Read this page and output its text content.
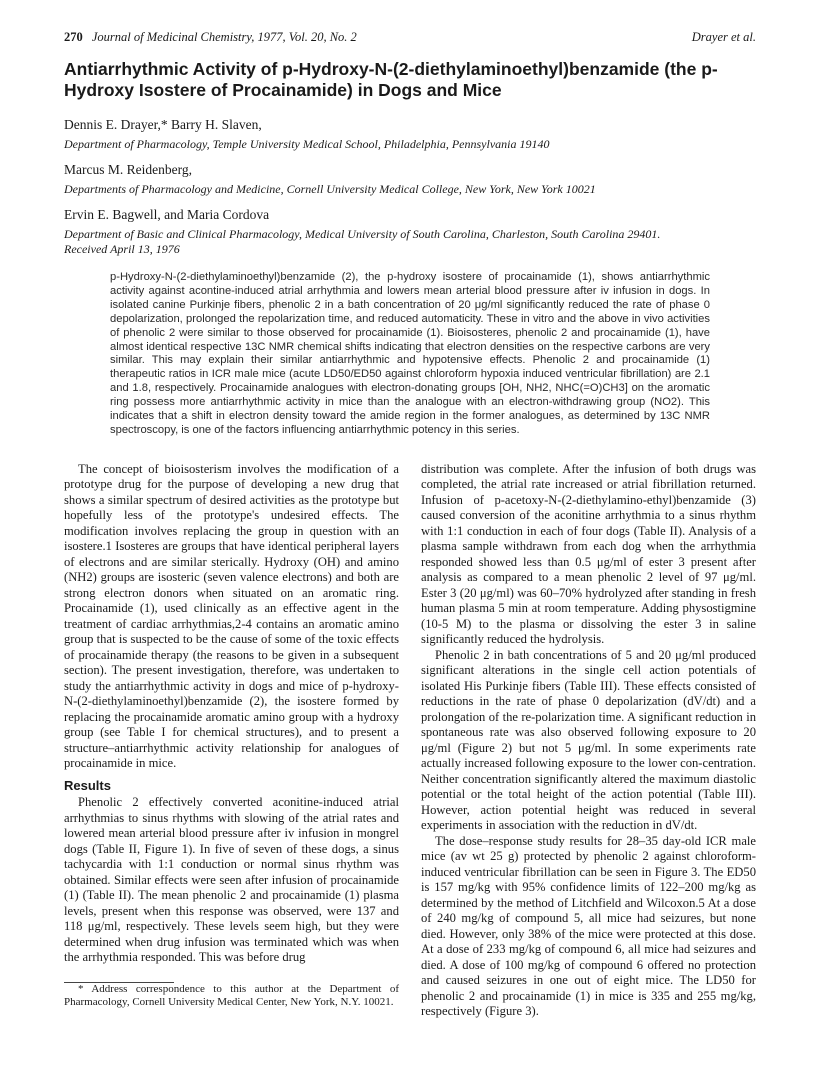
270 Journal of Medicinal Chemistry, 1977, Vol. 20, No. 2	Drayer et al.
Antiarrhythmic Activity of p-Hydroxy-N-(2-diethylaminoethyl)benzamide (the p-Hydroxy Isostere of Procainamide) in Dogs and Mice

Dennis E. Drayer,* Barry H. Slaven,

Department of Pharmacology, Temple University Medical School, Philadelphia, Pennsylvania 19140

Marcus M. Reidenberg,

Departments of Pharmacology and Medicine, Cornell University Medical College, New York, New York 10021

Ervin E. Bagwell, and Maria Cordova

Department of Basic and Clinical Pharmacology, Medical University of South Carolina, Charleston, South Carolina 29401.

Received April 13, 1976

p-Hydroxy-N-(2-diethylaminoethyl)benzamide (2), the p-hydroxy isostere of procainamide (1), shows antiarrhythmic activity against acontine-induced atrial arrhythmia and lowers mean arterial blood pressure after iv infusion in dogs. In isolated canine Purkinje fibers, phenolic 2 in a bath concentration of 20 μg/ml significantly reduced the rate of phase 0 depolarization, prolonged the repolarization time, and reduced automaticity. These in vitro and the above in vivo activities of phenolic 2 were similar to those observed for procainamide (1). Bioisosteres, phenolic 2 and procainamide (1), have almost identical respective 13C NMR chemical shifts indicating that electron densities on the respective carbons are very similar. This may explain their similar antiarrhythmic and hypotensive effects. Phenolic 2 and procainamide (1) therapeutic ratios in ICR male mice (acute LD50/ED50 against chloroform hypoxia induced ventricular fibrillation) are 2.1 and 1.8, respectively. Procainamide analogues with electron-donating groups [OH, NH2, NHC(=O)CH3] on the aromatic ring possess more antiarrhythmic activity in mice than the analogue with an electron-withdrawing group (NO2). This indicates that a shift in electron density toward the amide region in the former analogues, as determined by 13C NMR spectroscopy, is one of the factors influencing antiarrhythmic potency in this series.

The concept of bioisosterism involves the modification of a prototype drug for the purpose of developing a new drug that shows a similar spectrum of desired activities as the prototype but hopefully less of the prototype's undesired effects. The modification involves replacing the group in question with an isostere.1 Isosteres are groups that have identical peripheral layers of electrons and are similar sterically. Hydroxy (OH) and amino (NH2) groups are isosteric (seven valence electrons) and both are strong electron donors when situated on an aromatic ring. Procainamide (1), used clinically as an effective agent in the treatment of cardiac arrhythmias,2-4 contains an aromatic amino group that is suspected to be the cause of some of the toxic effects of procainamide therapy (the reasons to be given in a subsequent section). The present investigation, therefore, was undertaken to study the antiarrhythmic activity in dogs and mice of p-hydroxy-N-(2-diethylaminoethyl)benzamide (2), the isostere formed by replacing the procainamide aromatic amino group with a hydroxy group (see Table I for chemical structures), and to present a structure–antiarrhythmic activity relationship for analogues of procainamide in mice.

Results

Phenolic 2 effectively converted aconitine-induced atrial arrhythmias to sinus rhythms with slowing of the atrial rates and lowered mean arterial blood pressure after iv infusion in mongrel dogs (Table II, Figure 1). In five of seven of these dogs, a sinus tachycardia with 1:1 conduction or normal sinus rhythm was obtained. Similar effects were seen after infusion of procainamide (1) (Table II). The mean phenolic 2 and procainamide (1) plasma levels, present when this response was observed, were 137 and 118 μg/ml, respectively. These levels seem high, but they were determined when drug infusion was terminated which was when the arrhythmia responded. This was before drug

* Address correspondence to this author at the Department of Pharmacology, Cornell University Medical Center, New York, N.Y. 10021.

distribution was complete. After the infusion of both drugs was completed, the atrial rate increased or atrial fibrillation returned. Infusion of p-acetoxy-N-(2-diethylamino-ethyl)benzamide (3) caused conversion of the aconitine arrhythmia to a sinus rhythm with 1:1 conduction in each of four dogs (Table II). Analysis of a plasma sample withdrawn from each dog when the arrhythmia responded showed less than 0.5 μg/ml of ester 3 present after analysis as compared to a mean phenolic 2 level of 97 μg/ml. Ester 3 (20 μg/ml) was 60–70% hydrolyzed after standing in fresh human plasma 5 min at room temperature. Adding physostigmine (10-5 M) to the plasma or dissolving the ester 3 in saline significantly reduced the hydrolysis.

Phenolic 2 in bath concentrations of 5 and 20 μg/ml produced significant alterations in the single cell action potentials of isolated His Purkinje fibers (Table III). These effects consisted of reductions in the rate of phase 0 depolarization (dV/dt) and a prolongation of the re-polarization time. A significant reduction in spontaneous rate was also observed following exposure to 20 μg/ml (Figure 2) but not 5 μg/ml. In some experiments rate actually increased following exposure to the lower con-centration. Neither concentration significantly altered the maximum diastolic potential or the total height of the action potential (Table III). However, action potential height was reduced in several experiments in association with the reduction in dV/dt.

The dose–response study results for 28–35 day-old ICR male mice (av wt 25 g) protected by phenolic 2 against chloroform-induced ventricular fibrillation can be seen in Figure 3. The ED50 is 157 mg/kg with 95% confidence limits of 122–200 mg/kg as determined by the method of Litchfield and Wilcoxon.5 At a dose of 240 mg/kg of compound 5, all mice had seizures, but none died. However, only 38% of the mice were protected at this dose. At a dose of 233 mg/kg of compound 6, all mice had seizures and died. A dose of 100 mg/kg of compound 6 offered no protection and caused seizures in one out of eight mice. The LD50 for phenolic 2 and procainamide (1) in mice is 335 and 255 mg/kg, respectively (Figure 3).
